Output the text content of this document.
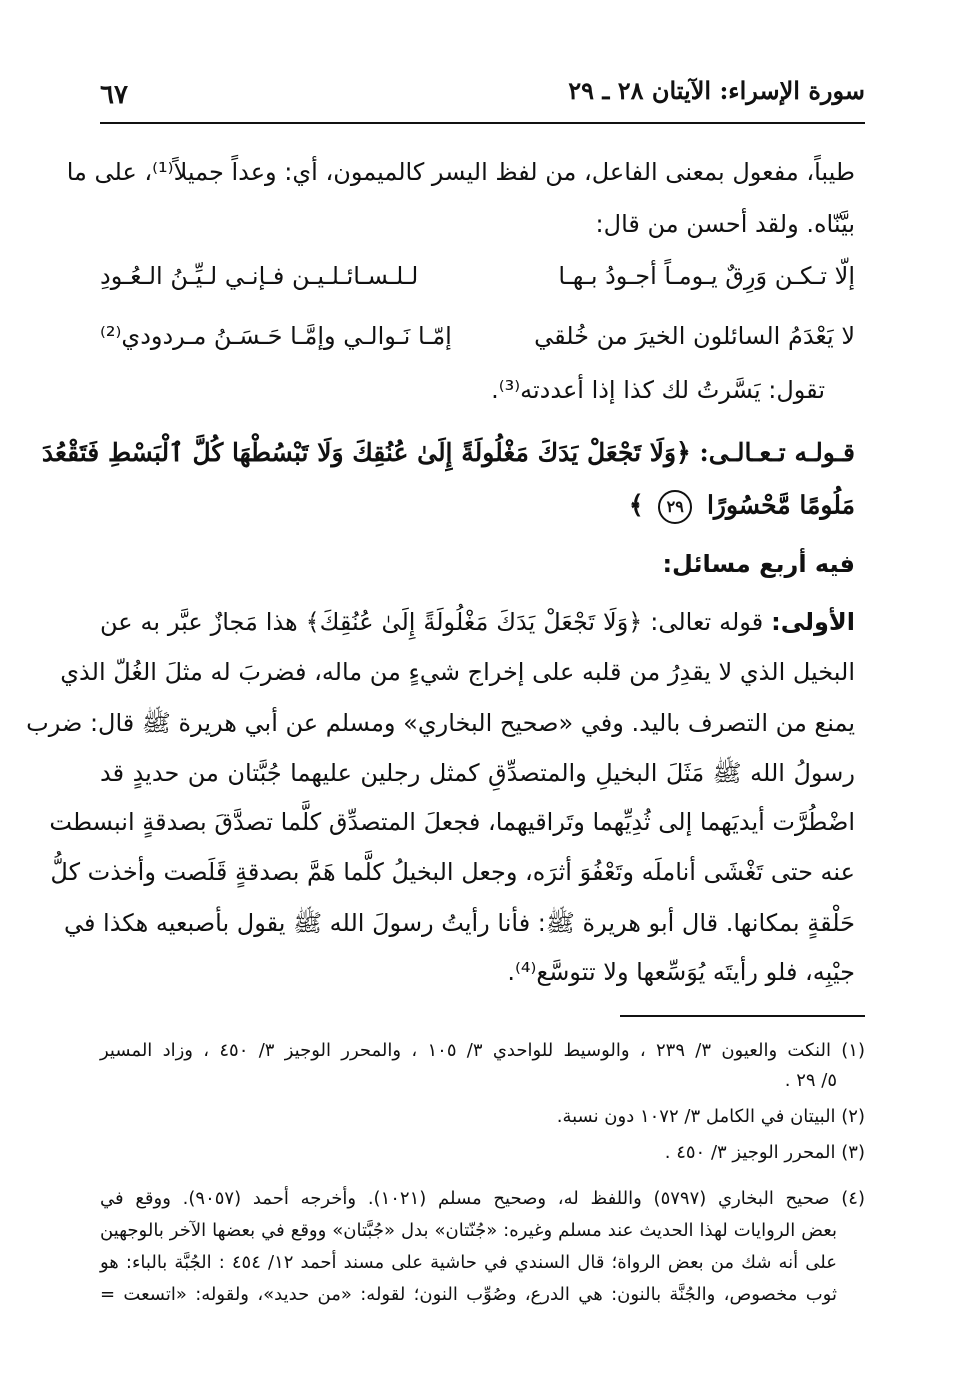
سورة الإسراء: الآيتان ٢٨ ـ ٢٩
٦٧
طيباً، مفعول بمعنى الفاعل، من لفظ اليسر كالميمون، أي: وعداً جميلاً⁽¹⁾، على ما
بيَّنّاه. ولقد أحسن من قال:
إلّا تـكـن وَرِقٌ يـومـاً أجـودُ بـهـا
لـلـسـائـلـيـن فـإنـي لـيِّـنُ الـعُـودِ
لا يَعْدَمُ السائلون الخيرَ من خُلقي
إمّـا نَـوالـي وإمَّـا حَـسَـنُ مـردودي⁽²⁾
تقول: يَسَّرتُ لك كذا إذا أعددته⁽³⁾.
قـولـه تـعـالـى: ﴿وَلَا تَجْعَلْ يَدَكَ مَغْلُولَةً إِلَىٰ عُنُقِكَ وَلَا تَبْسُطْهَا كُلَّ ٱلْبَسْطِ فَتَقْعُدَ
مَلُومًا مَّحْسُورًا ٢٩ ﴾
فيه أربع مسائل:
الأولى: قوله تعالى: ﴿وَلَا تَجْعَلْ يَدَكَ مَغْلُولَةً إِلَىٰ عُنُقِكَ﴾ هذا مَجازٌ عبَّر به عن
البخيل الذي لا يقدِرُ من قلبه على إخراج شيءٍ من ماله، فضربَ له مثلَ الغُلّ الذي
يمنع من التصرف باليد. وفي «صحيح البخاري» ومسلم عن أبي هريرة ﷺ قال: ضرب
رسولُ الله ﷺ مَثَلَ البخيلِ والمتصدِّقِ كمثل رجلين عليهما جُبَّتان من حديدٍ قد
اضْطُرَّت أيديَهما إلى ثُدِيِّهما وتَراقيهما، فجعلَ المتصدِّق كلَّما تصدَّقَ بصدقةٍ انبسطت
عنه حتى تَغْشَى أناملَه وتَعْفُوَ أثرَه، وجعل البخيلُ كلَّما هَمَّ بصدقةٍ قَلَصت وأخذت كلُّ
حَلْقةٍ بمكانها. قال أبو هريرة ﷺ: فأنا رأيتُ رسولَ الله ﷺ يقول بأصبعيه هكذا في
جيْبِه، فلو رأيتَه يُوَسِّعها ولا تتوسَّع⁽⁴⁾.
(١) النكت والعيون ٣/ ٢٣٩ ، والوسيط للواحدي ٣/ ١٠٥ ، والمحرر الوجيز ٣/ ٤٥٠ ، وزاد المسير
٥/ ٢٩ .
(٢) البيتان في الكامل ٣/ ١٠٧٢ دون نسبة.
(٣) المحرر الوجيز ٣/ ٤٥٠ .
(٤) صحيح البخاري (٥٧٩٧) واللفظ له، وصحيح مسلم (١٠٢١). وأخرجه أحمد (٩٠٥٧). ووقع في
بعض الروايات لهذا الحديث عند مسلم وغيره: «جُنّتان» بدل «جُبَّتان» ووقع في بعضها الآخر بالوجهين
على أنه شك من بعض الرواة؛ قال السندي في حاشية على مسند أحمد ١٢/ ٤٥٤ : الجُبَّة بالباء: هو
ثوب مخصوص، والجُنَّة بالنون: هي الدرع، وصُوِّب النون؛ لقوله: «من حديد»، ولقوله: «اتسعت =
